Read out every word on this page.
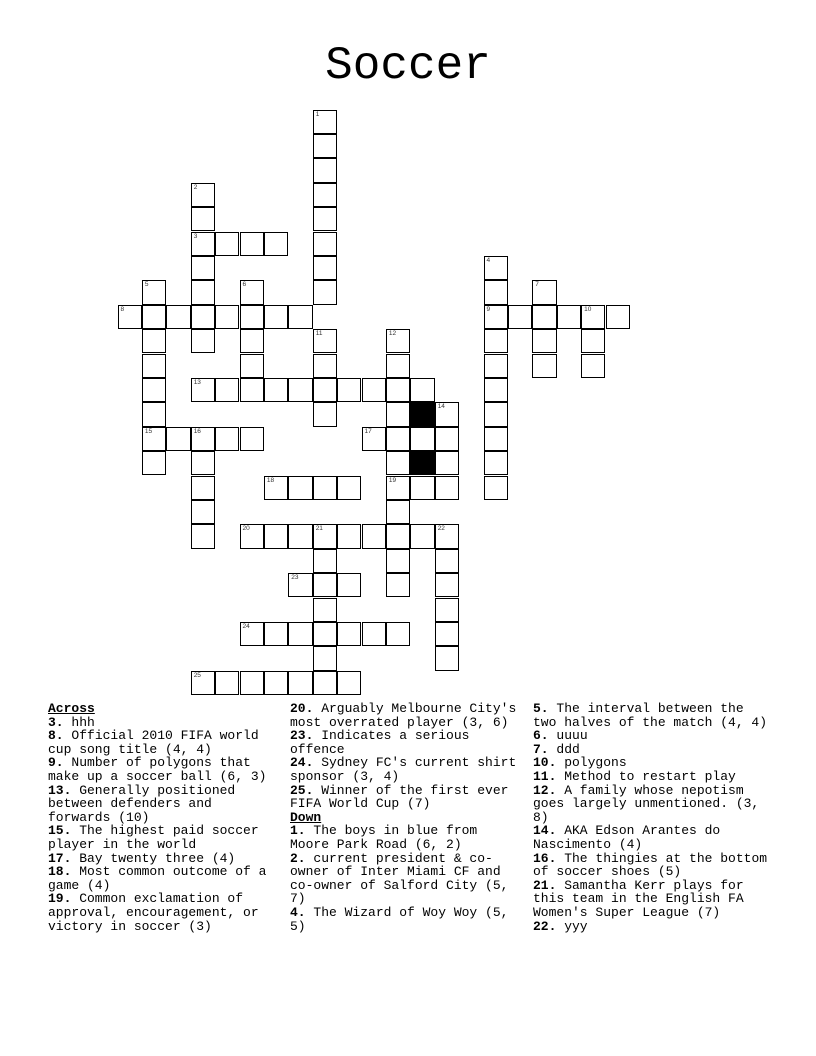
Soccer
1
2
3
4
9
5
15
6	7
8	10
11	12
19
13
14
16	17
18
20	21	22
23
24
25
Across
3. hhh
8. Official 2010 FIFA world cup song title (4, 4)
9. Number of polygons that make up a soccer ball (6, 3)
13. Generally positioned between defenders and forwards (10)
15. The highest paid soccer player in the world
17. Bay twenty three (4)
18. Most common outcome of a game (4)
19. Common exclamation of approval, encouragement, or victory in soccer (3)
20. Arguably Melbourne City's most overrated player (3, 6)
23. Indicates a serious offence
24. Sydney FC's current shirt sponsor (3, 4)
25. Winner of the first ever FIFA World Cup (7)
Down
1. The boys in blue from Moore Park Road (6, 2)
2. current president & co-owner of Inter Miami CF and co-owner of Salford City (5, 7)
4. The Wizard of Woy Woy (5, 5)
5. The interval between the two halves of the match (4, 4)
6. uuuu
7. ddd
10. polygons
11. Method to restart play
12. A family whose nepotism goes largely unmentioned. (3, 8)
14. AKA Edson Arantes do Nascimento (4)
16. The thingies at the bottom of soccer shoes (5)
21. Samantha Kerr plays for this team in the English FA Women's Super League (7)
22. yyy
